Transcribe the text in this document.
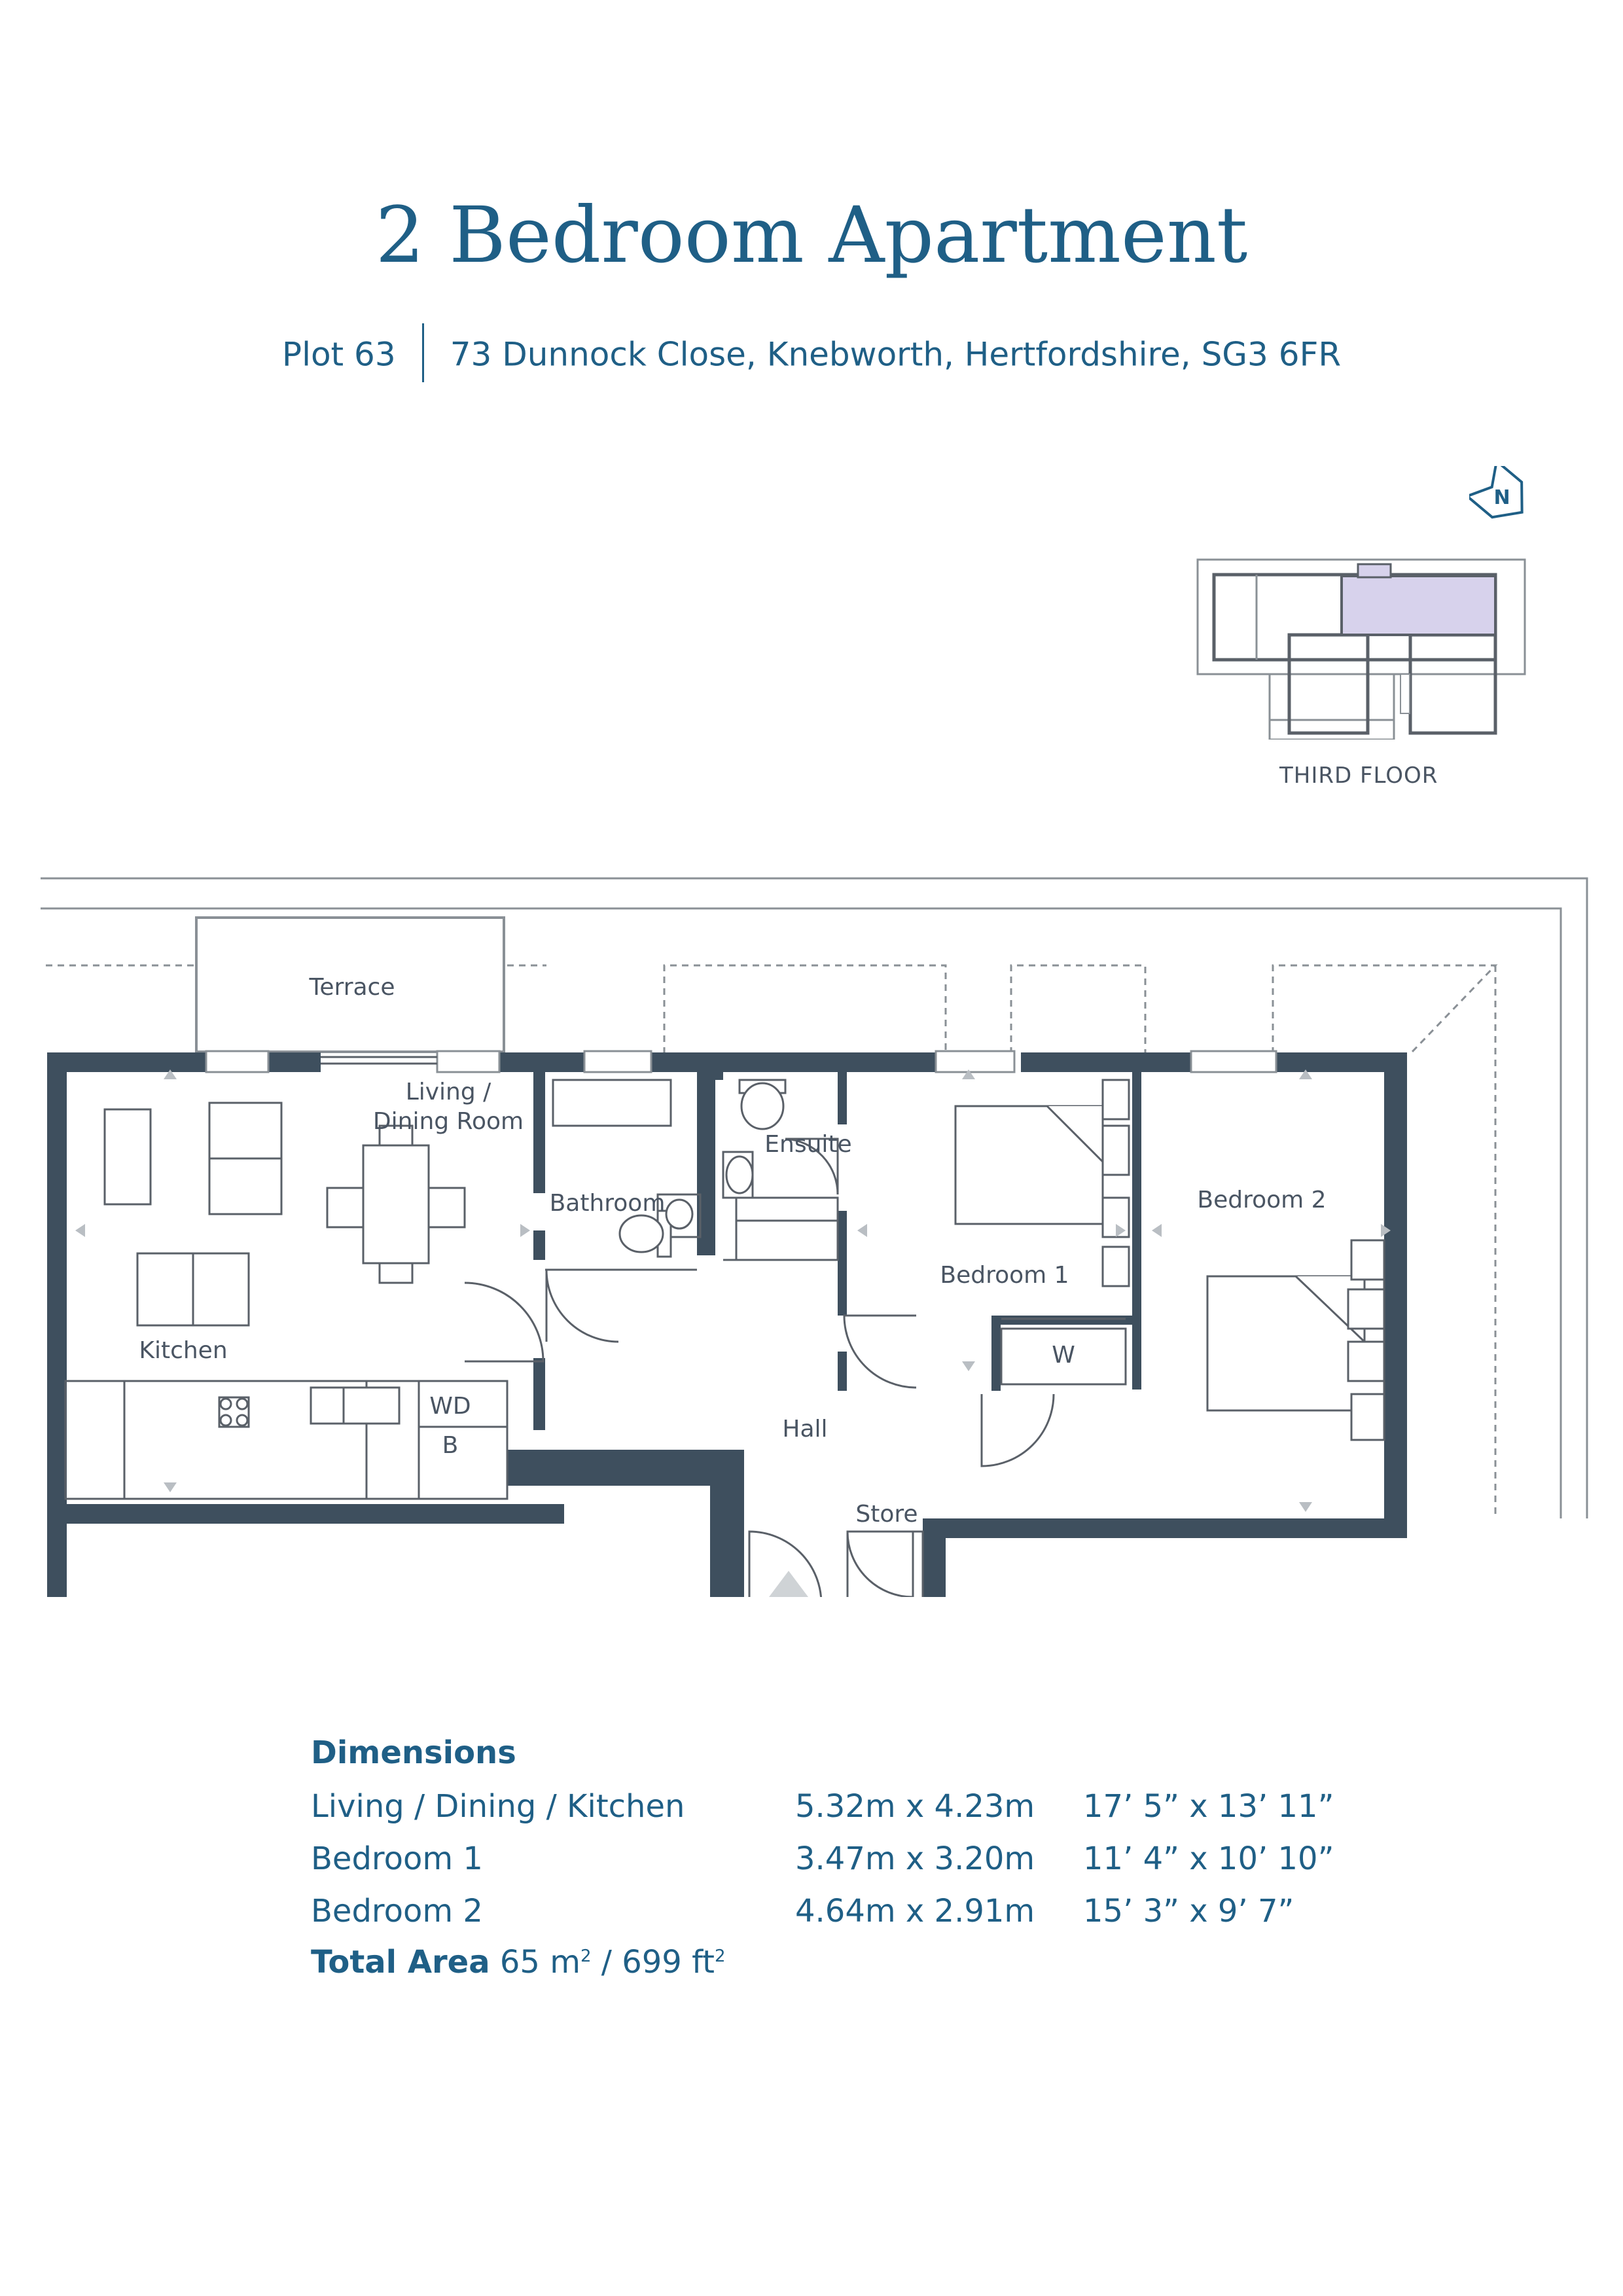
2 Bedroom Apartment
Plot 63 73 Dunnock Close, Knebworth, Hertfordshire, SG3 6FR
N
THIRD FLOOR
Terrace
Living /
Dining Room
Bathroom
Ensuite
Bedroom 1
Bedroom 2
Kitchen
Hall
Store
W
WD
B
Dimensions
Living / Dining / Kitchen	5.32m x 4.23m	17’ 5” x 13’ 11”
Bedroom 1	3.47m x 3.20m	11’ 4” x 10’ 10”
Bedroom 2	4.64m x 2.91m	15’ 3” x 9’ 7”
Total Area 65 $m^2 / 699$ $ft^2$
